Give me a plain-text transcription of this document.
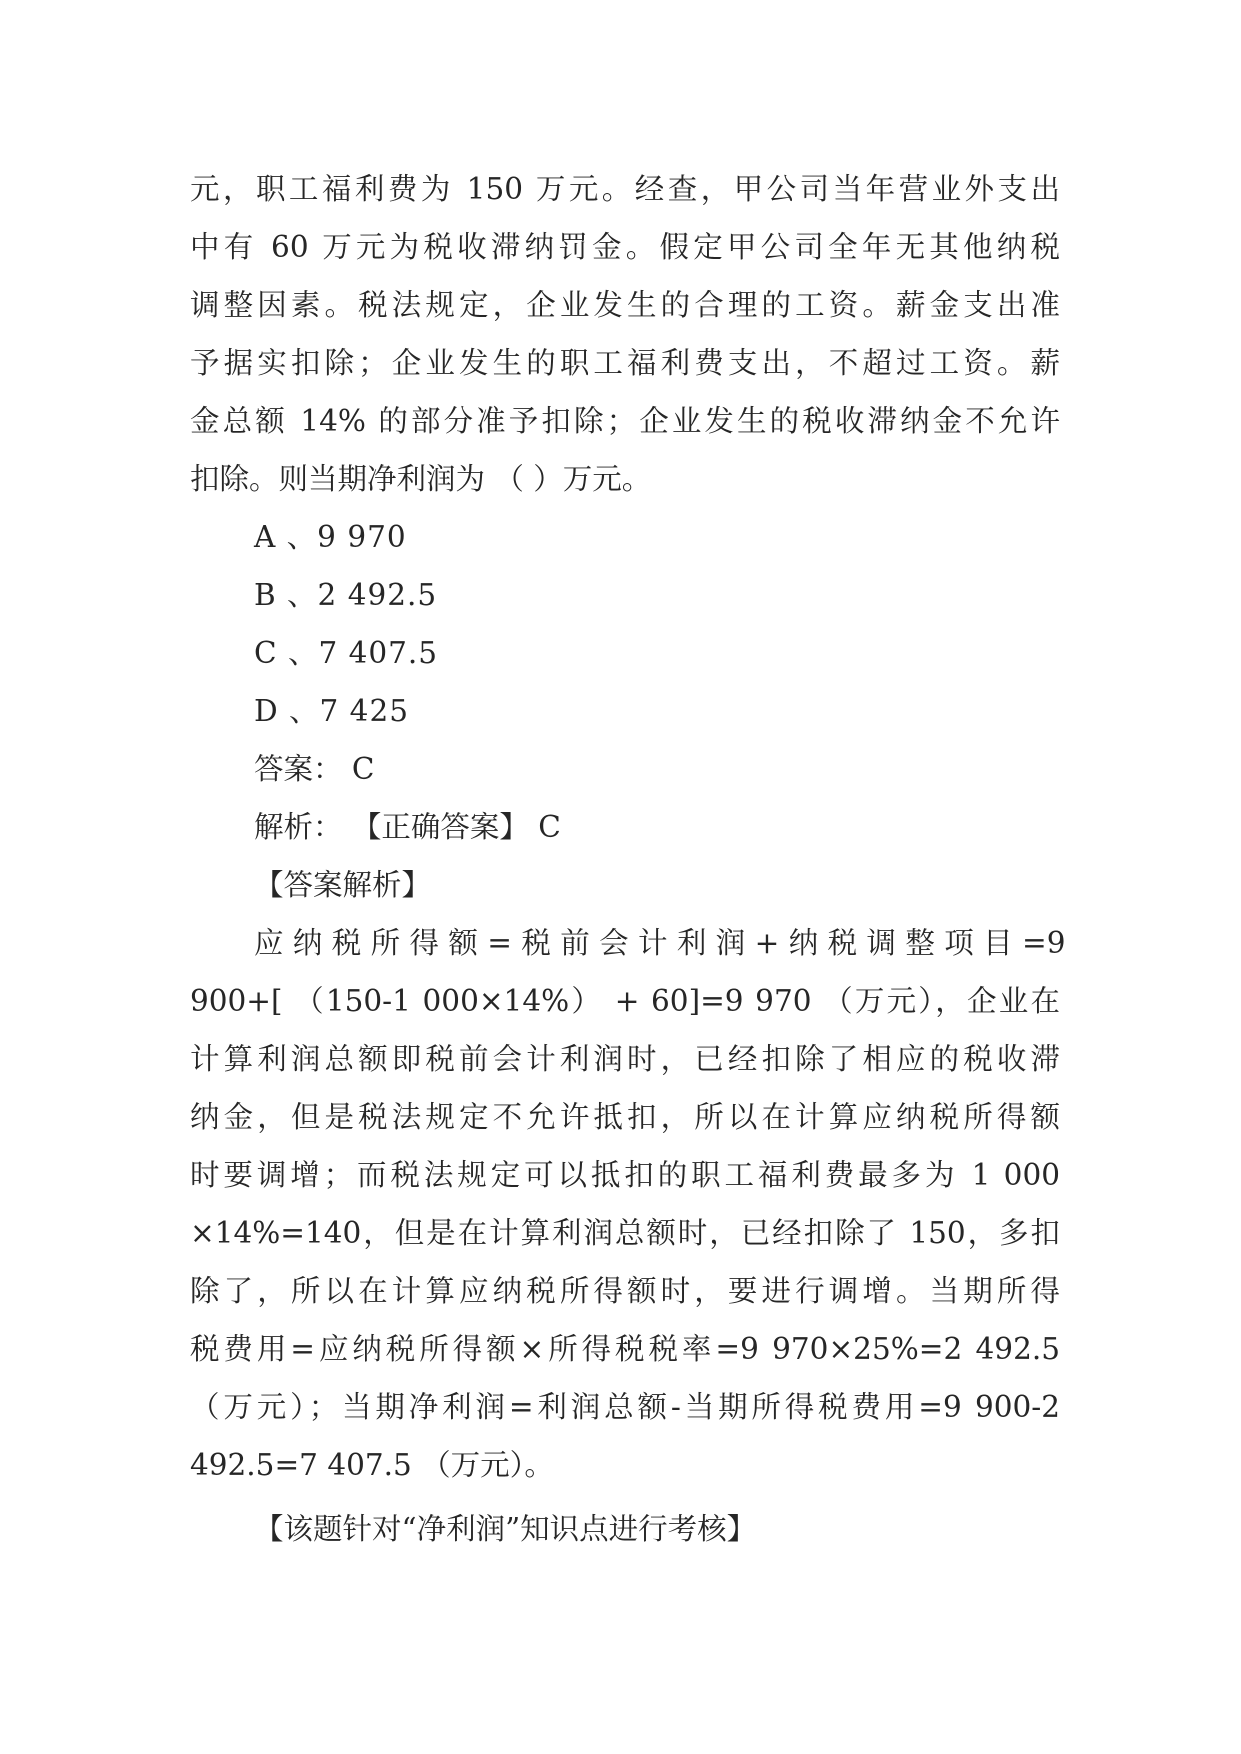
元，职工福利费为 150 万元。经查，甲公司当年营业外支出
中有 60 万元为税收滞纳罚金。假定甲公司全年无其他纳税
调整因素。税法规定，企业发生的合理的工资。薪金支出准
予据实扣除；企业发生的职工福利费支出，不超过工资。薪
金总额 14% 的部分准予扣除；企业发生的税收滞纳金不允许
扣除。则当期净利润为 （ ）万元。
A 、9 970
B 、2 492.5
C 、7 407.5
D 、7 425
答案： C
解析： 【正确答案】 C
【答案解析】
应 纳 税 所 得 额 = 税 前 会 计 利 润 + 纳 税 调 整 项 目 =9
900+[ （150-1 000×14%） + 60]=9 970 （万元），企业在
计算利润总额即税前会计利润时，已经扣除了相应的税收滞
纳金，但是税法规定不允许抵扣，所以在计算应纳税所得额
时要调增；而税法规定可以抵扣的职工福利费最多为 1 000
×14%=140，但是在计算利润总额时，已经扣除了 150，多扣
除了，所以在计算应纳税所得额时，要进行调增。当期所得
税费用=应纳税所得额×所得税税率=9 970×25%=2 492.5
（万元）；当期净利润=利润总额-当期所得税费用=9 900-2
492.5=7 407.5 （万元）。
【该题针对“净利润”知识点进行考核】
